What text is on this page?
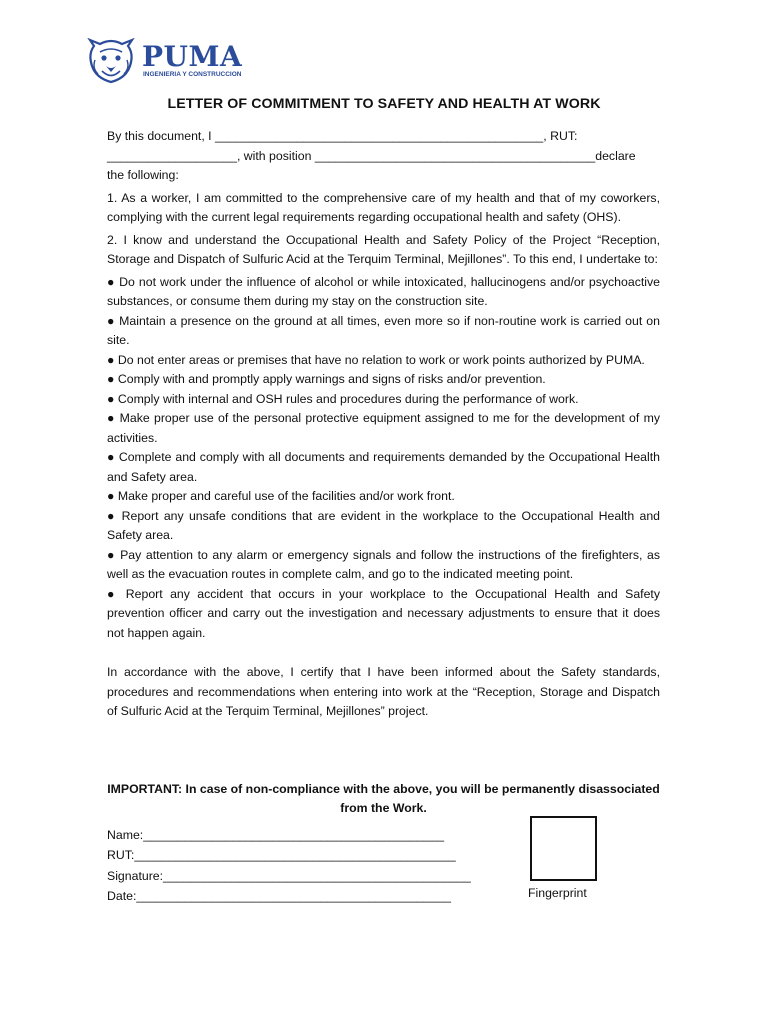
PUMA
INGENIERIA Y CONSTRUCCION
LETTER OF COMMITMENT TO SAFETY AND HEALTH AT WORK
By this document, I ________________________________________________, RUT:
___________________, with position _________________________________________declare
the following:
1. As a worker, I am committed to the comprehensive care of my health and that of my coworkers, complying with the current legal requirements regarding occupational health and safety (OHS).
2. I know and understand the Occupational Health and Safety Policy of the Project “Reception, Storage and Dispatch of Sulfuric Acid at the Terquim Terminal, Mejillones”. To this end, I undertake to:
● Do not work under the influence of alcohol or while intoxicated, hallucinogens and/or psychoactive substances, or consume them during my stay on the construction site.
● Maintain a presence on the ground at all times, even more so if non-routine work is carried out on site.
● Do not enter areas or premises that have no relation to work or work points authorized by PUMA.
● Comply with and promptly apply warnings and signs of risks and/or prevention.
● Comply with internal and OSH rules and procedures during the performance of work.
● Make proper use of the personal protective equipment assigned to me for the development of my activities.
● Complete and comply with all documents and requirements demanded by the Occupational Health and Safety area.
● Make proper and careful use of the facilities and/or work front.
● Report any unsafe conditions that are evident in the workplace to the Occupational Health and Safety area.
● Pay attention to any alarm or emergency signals and follow the instructions of the firefighters, as well as the evacuation routes in complete calm, and go to the indicated meeting point.
● Report any accident that occurs in your workplace to the Occupational Health and Safety prevention officer and carry out the investigation and necessary adjustments to ensure that it does not happen again.
In accordance with the above, I certify that I have been informed about the Safety standards, procedures and recommendations when entering into work at the “Reception, Storage and Dispatch of Sulfuric Acid at the Terquim Terminal, Mejillones” project.
IMPORTANT: In case of non-compliance with the above, you will be permanently disassociated
from the Work.
Name:____________________________________________
RUT:_______________________________________________
Signature:_____________________________________________
Date:______________________________________________	Fingerprint
